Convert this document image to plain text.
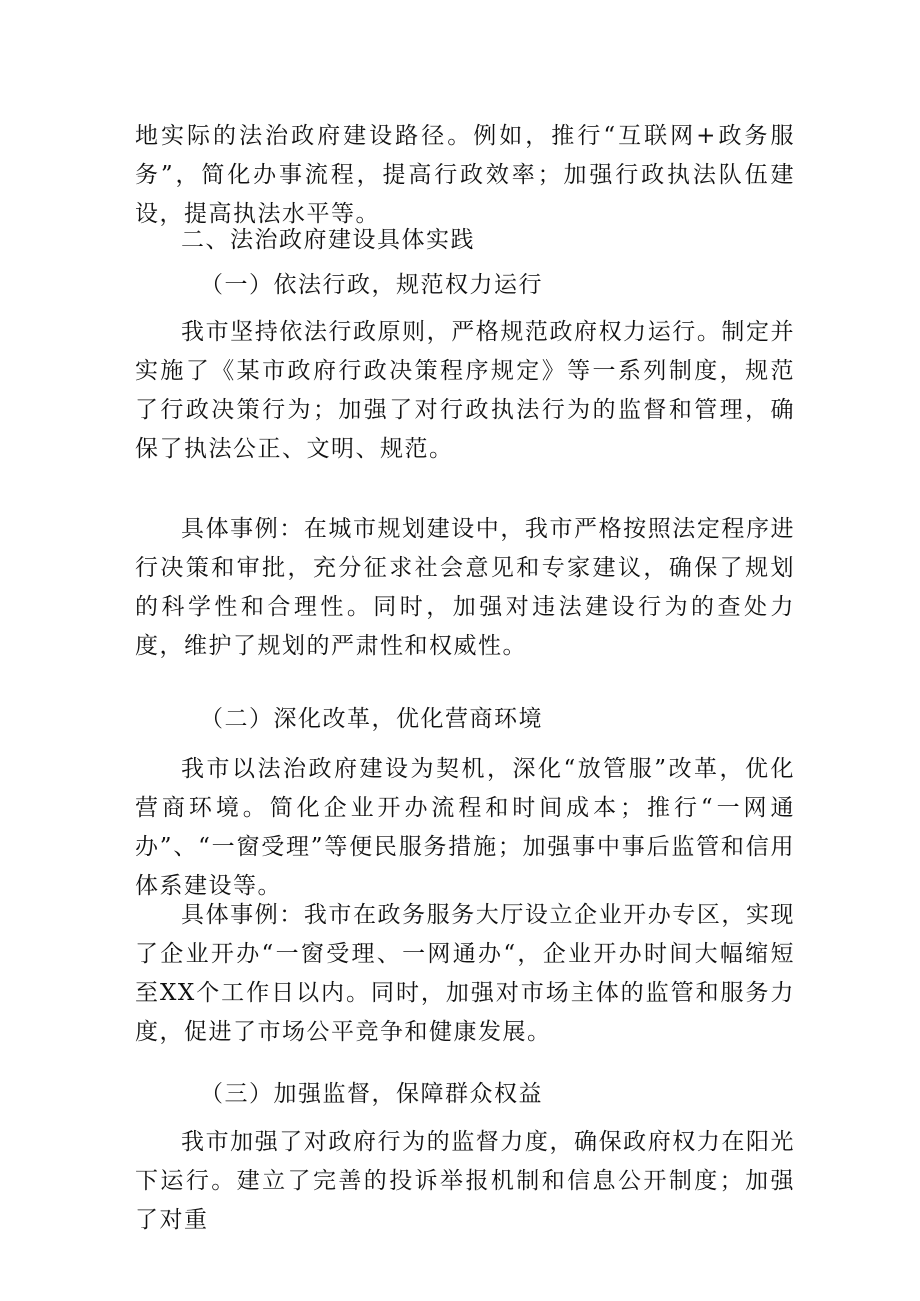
地实际的法治政府建设路径。例如，推行“互联网+政务服务”，简化办事流程，提高行政效率；加强行政执法队伍建设，提高执法水平等。

二、法治政府建设具体实践

（一）依法行政，规范权力运行

我市坚持依法行政原则，严格规范政府权力运行。制定并实施了《某市政府行政决策程序规定》等一系列制度，规范了行政决策行为；加强了对行政执法行为的监督和管理，确保了执法公正、文明、规范。

具体事例：在城市规划建设中，我市严格按照法定程序进行决策和审批，充分征求社会意见和专家建议，确保了规划的科学性和合理性。同时，加强对违法建设行为的查处力度，维护了规划的严肃性和权威性。

（二）深化改革，优化营商环境

我市以法治政府建设为契机，深化“放管服”改革，优化营商环境。简化企业开办流程和时间成本；推行“一网通办”、“一窗受理”等便民服务措施；加强事中事后监管和信用体系建设等。

具体事例：我市在政务服务大厅设立企业开办专区，实现了企业开办“一窗受理、一网通办“，企业开办时间大幅缩短至XX个工作日以内。同时，加强对市场主体的监管和服务力度，促进了市场公平竞争和健康发展。

（三）加强监督，保障群众权益

我市加强了对政府行为的监督力度，确保政府权力在阳光下运行。建立了完善的投诉举报机制和信息公开制度；加强了对重
